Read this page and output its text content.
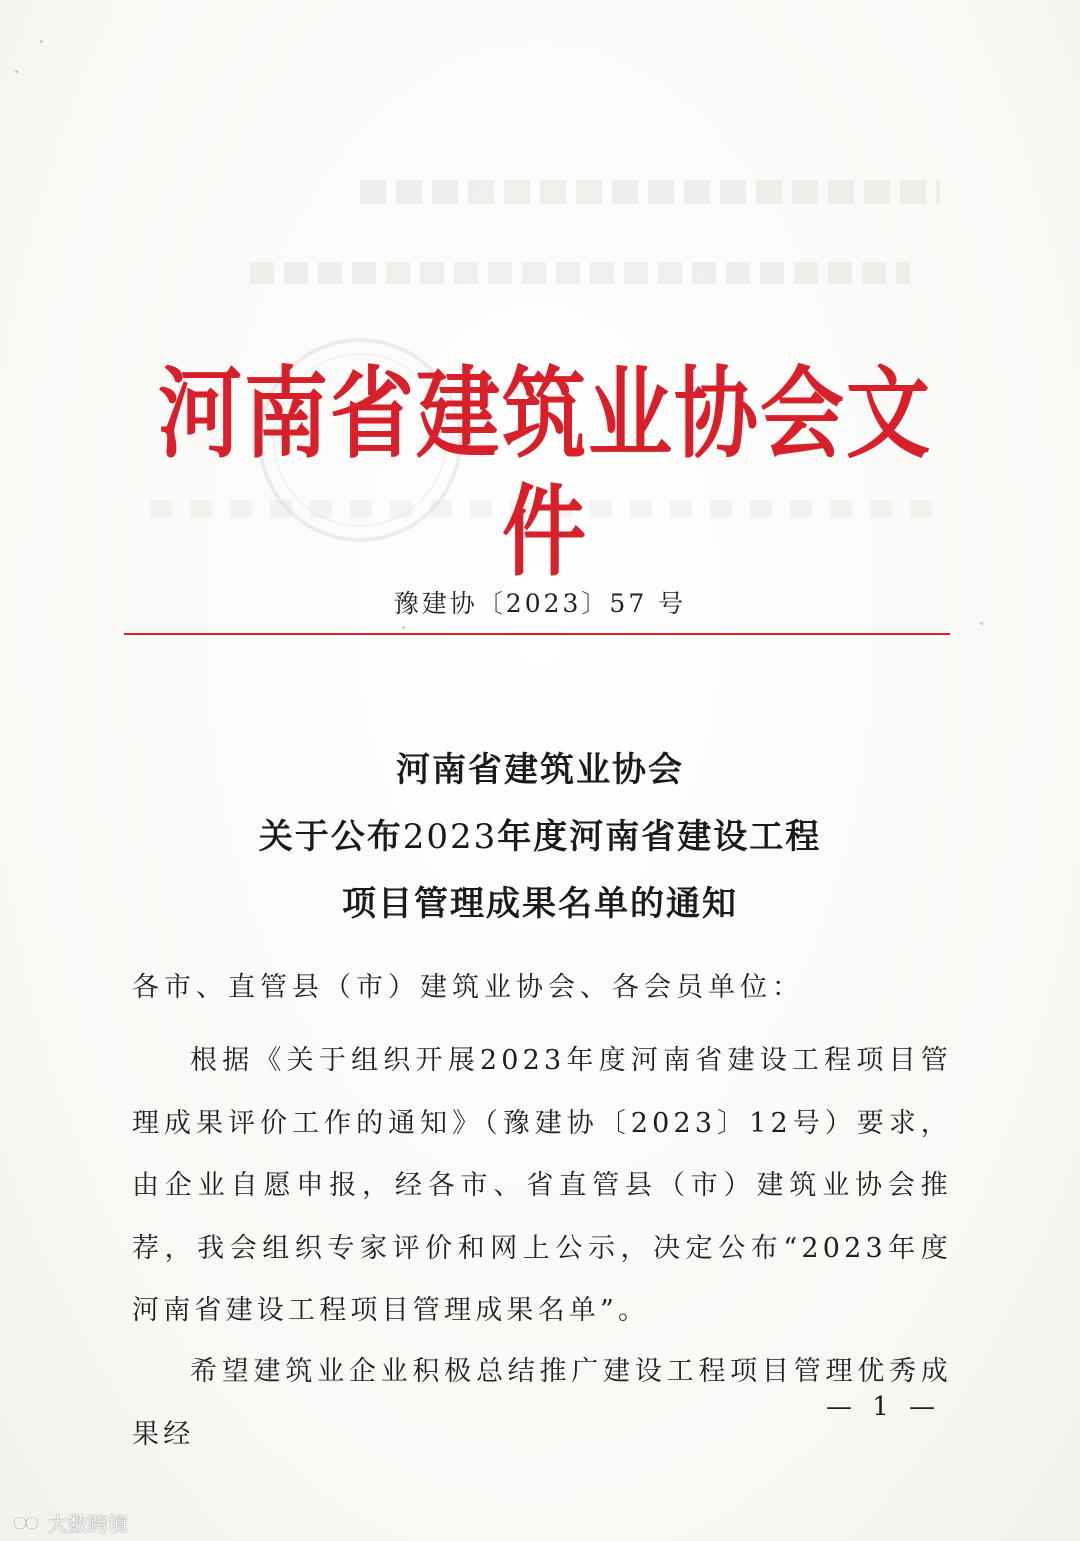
河南省建筑业协会文件
豫建协〔2023〕57 号
河南省建筑业协会
关于公布2023年度河南省建设工程
项目管理成果名单的通知
各市、直管县（市）建筑业协会、各会员单位：
根据《关于组织开展2023年度河南省建设工程项目管理成果评价工作的通知》（豫建协〔2023〕12号）要求，由企业自愿申报，经各市、省直管县（市）建筑业协会推荐，我会组织专家评价和网上公示，决定公布“2023年度河南省建设工程项目管理成果名单”。
希望建筑业企业积极总结推广建设工程项目管理优秀成果经
— 1 —
大数跨境
